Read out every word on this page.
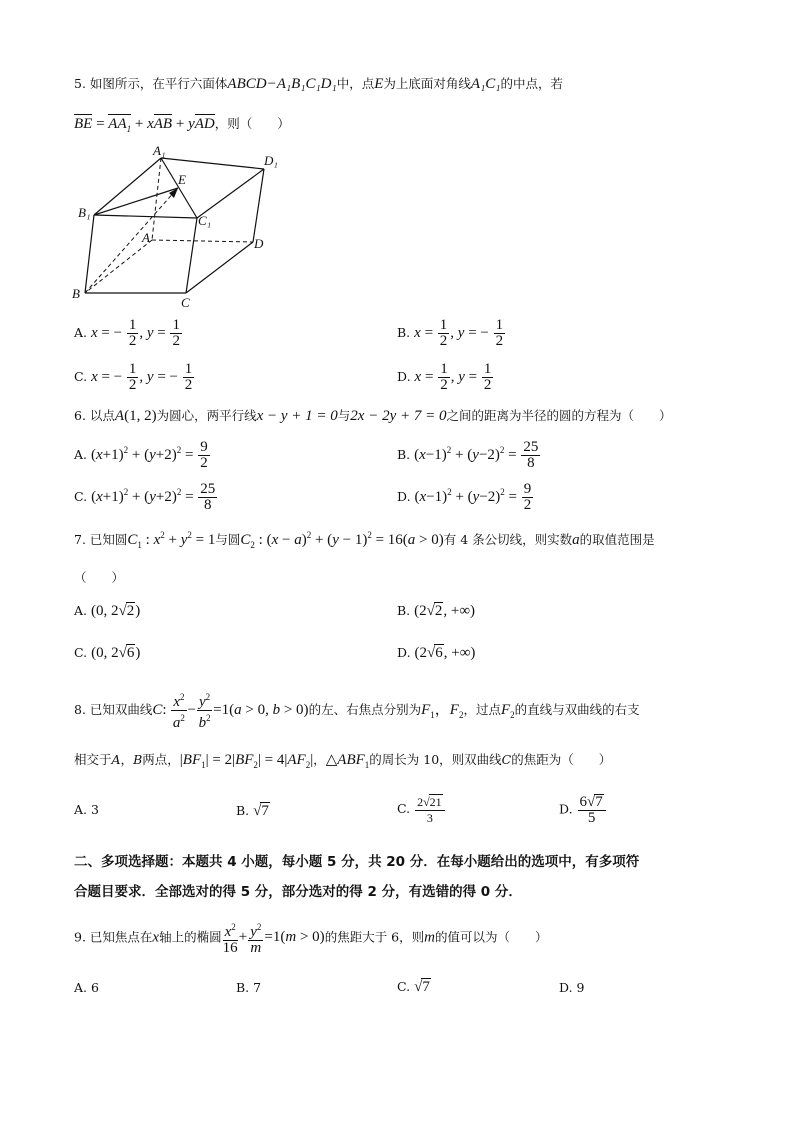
5. 如图所示，在平行六面体ABCD−A₁B₁C₁D₁中，点E为上底面对角线A₁C₁的中点，若
BE = $AA_1$ + xAB + yAD，则（　　）
A₁
D₁
E
B₁
C₁
A	D
B
C
A. x = − $\frac{1}{2}$ , $y = \frac{1}{2}$	B. $x = \frac{1}{2}$ , y = − $\frac{1}{2}$
C. x = − $\frac{1}{2}$ , y = − $\frac{1}{2}$	D. $x = \frac{1}{2}$ , $y = \frac{1}{2}$
6. 以点A(1, 2)为圆心，两平行线x − y + 1 = 0与2x − 2y + 7 = 0之间的距离为半径的圆的方程为（　　）
A. $(x+1)^2 + (y+2)^2 = \frac{9}{2}$	B. $(x-1)^2 + (y-2)^2 = \frac{25}{8}$
C. $(x+1)^2 + (y+2)^2 = \frac{25}{8}$	D. $(x-1)^2 + (y-2)^2 = \frac{9}{2}$
7. 已知圆$C_1$ : $x^2 + y^2 = 1$与圆$C_2$ : $(x - a)^2 + (y - 1)^2 = 16(a > 0)$有 4 条公切线，则实数a的取值范围是
（　　）
A. (0, 2√2)	B. (2√2, +∞)
C. (0, 2√6)	D. (2√6, +∞)
8. 已知双曲线C: $\frac{x^2}{a^2} - \frac{y^2}{b^2} =1(a > 0$, b > 0)的左、右焦点分别为$F_1$，$F_2$，过点$F_2$的直线与双曲线的右支
相交于A，B两点，$|BF_1| = 2|BF_2| = 4|AF_2|$，$\triangle ABF_1$的周长为 10，则双曲线C的焦距为（　　）
A. 3	B. √7	C. $\frac{2√21}{3}$	D. $\frac{6√7}{5}$
二、多项选择题：本题共 4 小题，每小题 5 分，共 20 分．在每小题给出的选项中，有多项符
合题目要求．全部选对的得 5 分，部分选对的得 2 分，有选错的得 0 分．
9. 已知焦点在x轴上的椭圆 $\frac{x^2}{16} + \frac{y^2}{m} =1(m > 0)$的焦距大于 6，则m的值可以为（　　）
A. 6	B. 7	C. √7	D. 9
